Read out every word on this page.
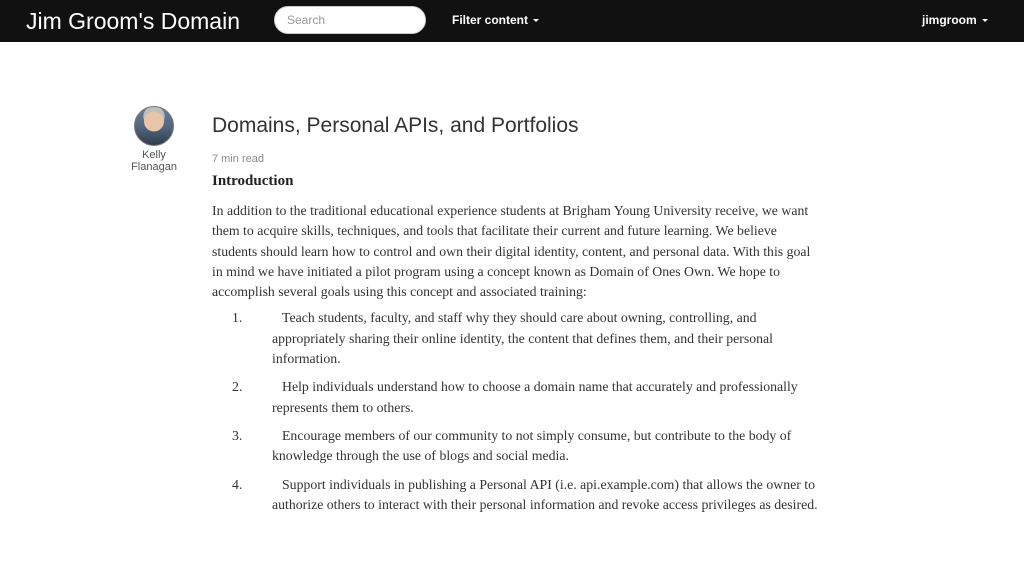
Jim Groom's Domain
Search	Filter content	jimgroom
Kelly
Flanagan
Domains, Personal APIs, and Portfolios
7 min read
Introduction
In addition to the traditional educational experience students at Brigham Young University receive, we want them to acquire skills, techniques, and tools that facilitate their current and future learning. We believe students should learn how to control and own their digital identity, content, and personal data. With this goal in mind we have initiated a pilot program using a concept known as Domain of Ones Own. We hope to accomplish several goals using this concept and associated training:
1.	Teach students, faculty, and staff why they should care about owning, controlling, and appropriately sharing their online identity, the content that defines them, and their personal information.
2.	Help individuals understand how to choose a domain name that accurately and professionally represents them to others.
3.	Encourage members of our community to not simply consume, but contribute to the body of knowledge through the use of blogs and social media.
4.	Support individuals in publishing a Personal API (i.e. api.example.com) that allows the owner to authorize others to interact with their personal information and revoke access privileges as desired.
